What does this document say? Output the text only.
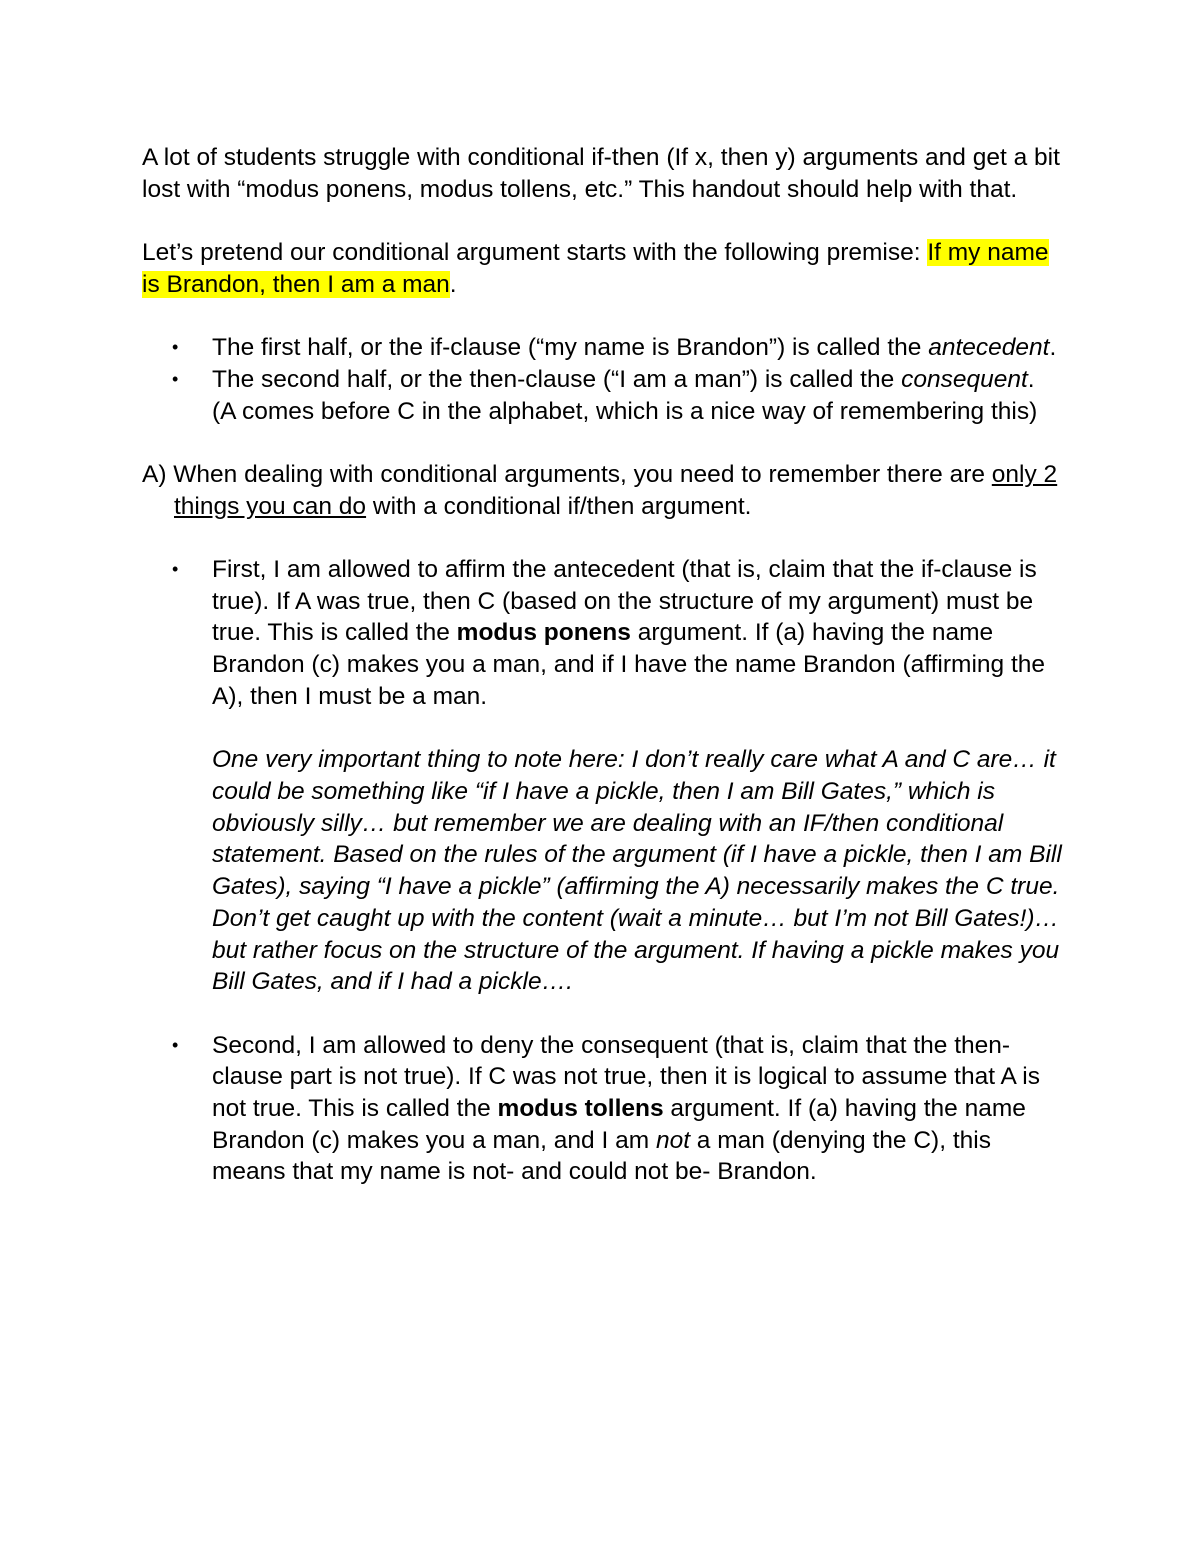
A lot of students struggle with conditional if-then (If x, then y) arguments and get a bit lost with “modus ponens, modus tollens, etc.” This handout should help with that.

Let’s pretend our conditional argument starts with the following premise: If my name is Brandon, then I am a man.

• The first half, or the if-clause (“my name is Brandon”) is called the antecedent.
• The second half, or the then-clause (“I am a man”) is called the consequent. (A comes before C in the alphabet, which is a nice way of remembering this)

A) When dealing with conditional arguments, you need to remember there are only 2 things you can do with a conditional if/then argument.

• First, I am allowed to affirm the antecedent (that is, claim that the if-clause is true). If A was true, then C (based on the structure of my argument) must be true. This is called the modus ponens argument. If (a) having the name Brandon (c) makes you a man, and if I have the name Brandon (affirming the A), then I must be a man.

One very important thing to note here: I don’t really care what A and C are… it could be something like “if I have a pickle, then I am Bill Gates,” which is obviously silly… but remember we are dealing with an IF/then conditional statement. Based on the rules of the argument (if I have a pickle, then I am Bill Gates), saying “I have a pickle” (affirming the A) necessarily makes the C true. Don’t get caught up with the content (wait a minute… but I’m not Bill Gates!)… but rather focus on the structure of the argument. If having a pickle makes you Bill Gates, and if I had a pickle….

• Second, I am allowed to deny the consequent (that is, claim that the then-clause part is not true). If C was not true, then it is logical to assume that A is not true. This is called the modus tollens argument. If (a) having the name Brandon (c) makes you a man, and I am not a man (denying the C), this means that my name is not- and could not be- Brandon.
